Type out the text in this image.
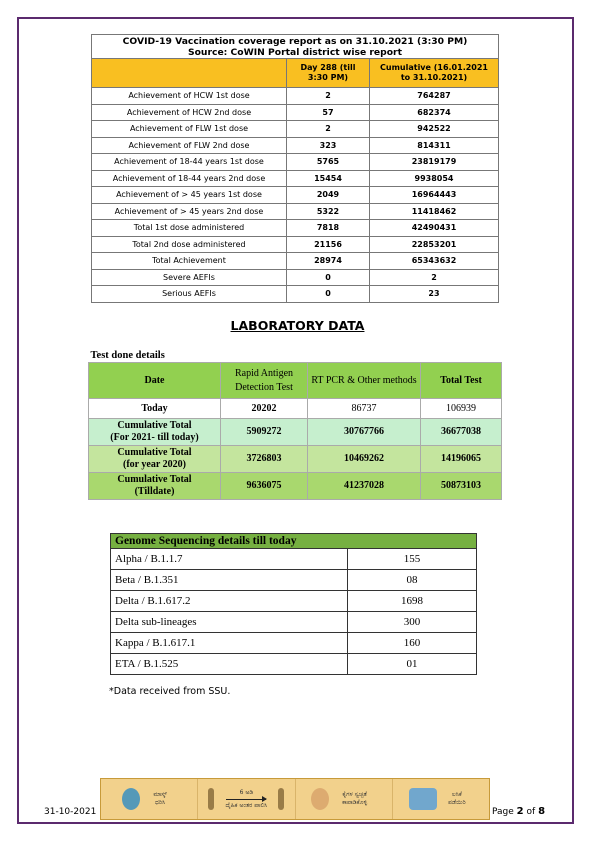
COVID-19 Vaccination coverage report as on 31.10.2021 (3:30 PM)
Source: CoWIN Portal district wise report		
	Day 288 (till
3:30 PM)	Cumulative (16.01.2021
to 31.10.2021)
Achievement of HCW 1st dose	2	764287
Achievement of HCW 2nd dose	57	682374
Achievement of FLW 1st dose	2	942522
Achievement of FLW 2nd dose	323	814311
Achievement of 18-44 years 1st dose	5765	23819179
Achievement of 18-44 years 2nd dose	15454	9938054
Achievement of > 45 years 1st dose	2049	16964443
Achievement of > 45 years 2nd dose	5322	11418462
Total 1st dose administered	7818	42490431
Total 2nd dose administered	21156	22853201
Total Achievement	28974	65343632
Severe AEFIs	0	2
Serious AEFIs	0	23
LABORATORY DATA
Test done details			
Date	Rapid Antigen Detection Test	RT PCR & Other methods	Total Test
Today	20202	86737	106939
Cumulative Total
(For 2021- till today)	5909272	30767766	36677038
Cumulative Total
(for year 2020)	3726803	10469262	14196065
Cumulative Total
(Tilldate)	9636075	41237028	50873103
Genome Sequencing details till today	
Alpha / B.1.1.7	155
Beta / B.1.351	08
Delta / B.1.617.2	1698
Delta sub-lineages	300
Kappa / B.1.617.1	160
ETA / B.1.525	01
*Data received from SSU.
ಮಾಸ್ಕ್
ಧರಿಸಿ
6 ಅಡಿ
ದೈಹಿಕ ಅಂತರ ಪಾಲಿಸಿ
ಕೈಗಳ ಸ್ವಚ್ಛತೆ
ಕಾಪಾಡಿಕೊಳ್ಳಿ
ಲಸಿಕೆ
ಪಡೆಯಿರಿ
31-10-2021	Page 2 of 8
